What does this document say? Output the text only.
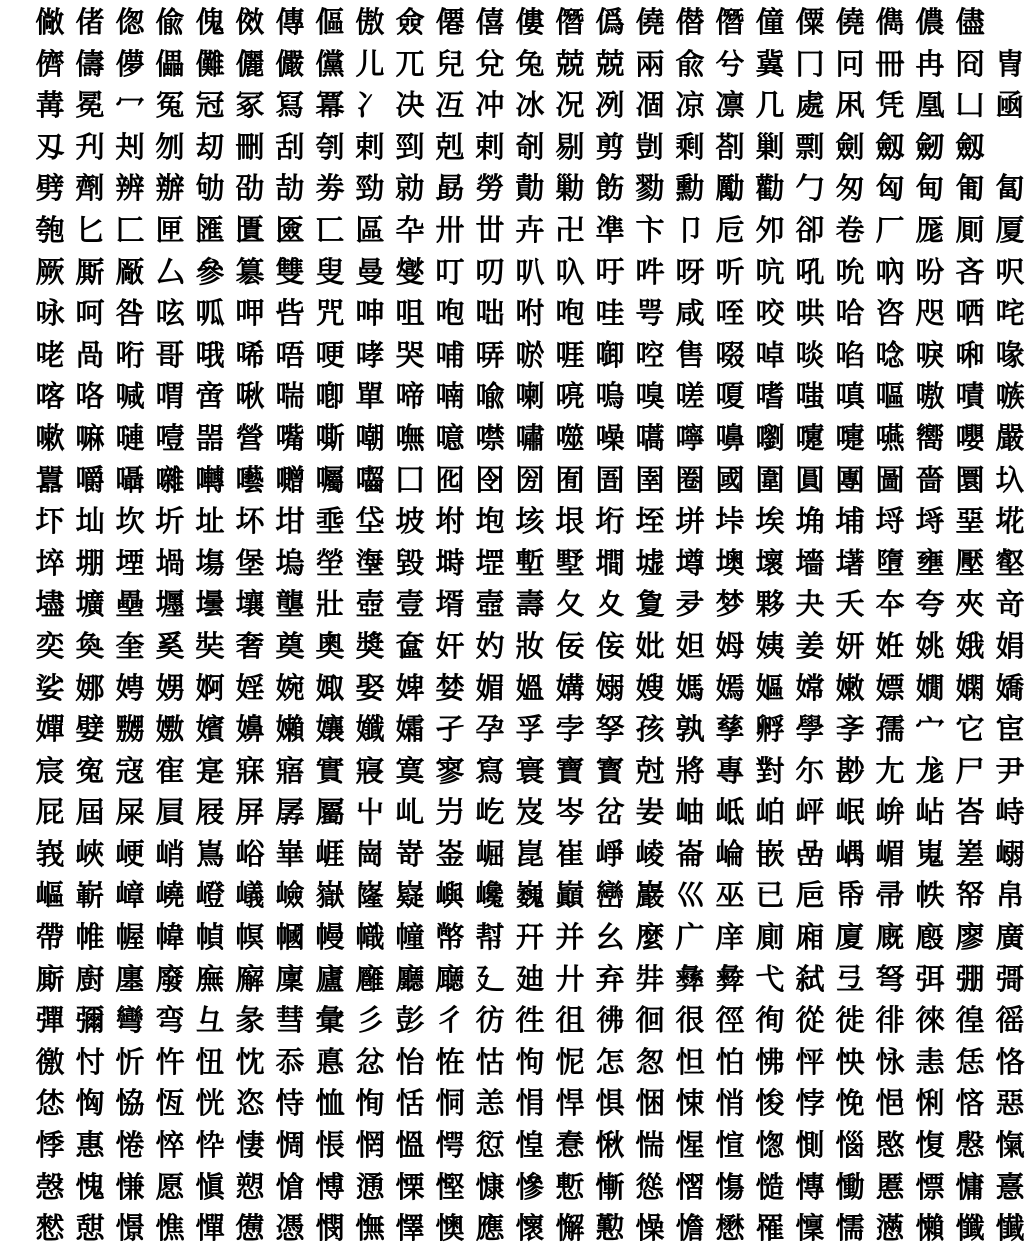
僘 偖 偬 偸 傀 傚 傳 傴 傲 僉 僊 僖 僂 僭 僞 僥 僣 僭 僮 僳 僥 儁 儂 儘
儕 儔 儚 儡 儺 儷 儼 儻 儿 兀 兒 兌 兔 兢 兢 兩 兪 兮 冀 冂 冋 冊 冉 冏 冑
冓 冕 冖 冤 冠 冢 冩 冪 冫 决 冱 冲 冰 况 冽 凅 凉 凛 几 處 凩 凭 凰 凵 凾
刄 刋 刔 刎 刧 刪 刮 刳 剌 剄 剋 剌 剞 剔 剪 剴 剩 剳 剿 剽 劍 劔 劒 劔
劈 劑 辨 辦 劬 劭 劼 劵 勁 勍 勗 勞 勣 勦 飭 勠 勳 勵 勸 勹 匆 匈 甸 匍 匐
匏 匕 匚 匣 匯 匱 匳 匸 區 卆 卅 丗 卉 卍 凖 卞 卩 卮 夘 卻 卷 厂 厖 厠 厦
厥 厮 厰 厶 參 簒 雙 叟 曼 燮 叮 叨 叭 叺 吁 吽 呀 听 吭 吼 吮 吶 吩 吝 呎
咏 呵 咎 呟 呱 呷 呰 咒 呻 咀 咆 咄 咐 咆 哇 咢 咸 咥 咬 哄 哈 咨 咫 哂 咤
咾 咼 哘 哥 哦 唏 唔 哽 哮 哭 哺 哢 唹 啀 啣 啌 售 啜 啅 啖 啗 唸 唳 啝 喙
喀 咯 喊 喟 啻 啾 喘 喞 單 啼 喃 喩 喇 喨 嗚 嗅 嗟 嗄 嗜 嗤 嗔 嘔 嗷 嘖 嗾
嗽 嘛 嗹 噎 噐 營 嘴 嘶 嘲 嘸 噫 噤 嘯 噬 噪 嚆 嚀 嚊 嚠 嚔 嚏 嚥 嚮 嚶 嚴
囂 嚼 囁 囃 囀 囈 囎 囑 囓 囗 囮 囹 圀 囿 圄 圉 圈 國 圍 圓 團 圖 嗇 圜 圦
圷 圸 坎 圻 址 坏 坩 埀 垈 坡 坿 垉 垓 垠 垳 垤 垪 垰 埃 埆 埔 埒 埓 堊 埖
埣 堋 堙 堝 塲 堡 塢 塋 塰 毀 塒 堽 塹 墅 墹 墟 墫 墺 壞 墻 墸 墮 壅 壓 壑
壗 壙 壘 壥 壜 壤 壟 壯 壺 壹 壻 壼 壽 夂 夊 夐 夛 梦 夥 夬 夭 夲 夸 夾 竒
奕 奐 奎 奚 奘 奢 奠 奧 奬 奩 奸 妁 妝 佞 侫 妣 妲 姆 姨 姜 妍 姙 姚 娥 娟
娑 娜 娉 娚 婀 婬 婉 娵 娶 婢 婪 媚 媼 媾 嫋 嫂 媽 嫣 嫗 嫦 嫩 嫖 嫺 嫻 嬌
嬋 嬖 嬲 嫐 嬪 嬶 嬾 孃 孅 孀 孑 孕 孚 孛 孥 孩 孰 孳 孵 學 斈 孺 宀 它 宦
宸 寃 寇 寉 寔 寐 寤 實 寢 寞 寥 寫 寰 寶 寳 尅 將 專 對 尓 尠 尢 尨 尸 尹
屁 屆 屎 屓 屐 屏 孱 屬 屮 乢 屶 屹 岌 岑 岔 妛 岫 岻 岶 岼 岷 峅 岾 峇 峙
峩 峽 峺 峭 嶌 峪 崋 崕 崗 嵜 崟 崛 崑 崔 崢 崚 崙 崘 嵌 嵒 嵎 嵋 嵬 嵳 嵶
嶇 嶄 嶂 嶢 嶝 嶬 嶮 嶽 嶐 嶷 嶼 巉 巍 巓 巒 巖 巛 巫 已 巵 帋 帚 帙 帑 帛
帶 帷 幄 幃 幀 幎 幗 幔 幟 幢 幤 幇 幵 并 幺 麼 广 庠 廁 廂 廈 廐 廏 廖 廣
廝 廚 廛 廢 廡 廨 廩 廬 廱 廳 廰 廴 廸 廾 弃 弉 彝 彜 弋 弑 弖 弩 弭 弸 彁
彈 彌 彎 弯 彑 彖 彗 彙 彡 彭 彳 彷 徃 徂 彿 徊 很 徑 徇 從 徙 徘 徠 徨 徭
徼 忖 忻 忤 忸 忱 忝 悳 忿 怡 恠 怙 怐 怩 怎 怱 怛 怕 怫 怦 怏 怺 恚 恁 恪
恷 恟 恊 恆 恍 恣 恃 恤 恂 恬 恫 恙 悁 悍 惧 悃 悚 悄 悛 悖 悗 悒 悧 悋 惡
悸 惠 惓 悴 忰 悽 惆 悵 惘 慍 愕 愆 惶 惷 愀 惴 惺 愃 愡 惻 惱 愍 愎 慇 愾
愨 愧 慊 愿 愼 愬 愴 愽 慂 慄 慳 慷 慘 慙 慚 慫 慴 慯 慥 慱 慟 慝 慓 慵 憙
憖 憇 憬 憔 憚 憊 憑 憫 憮 懌 懊 應 懷 懈 懃 懆 憺 懋 罹 懍 懦 懣 懶 懺 懴
